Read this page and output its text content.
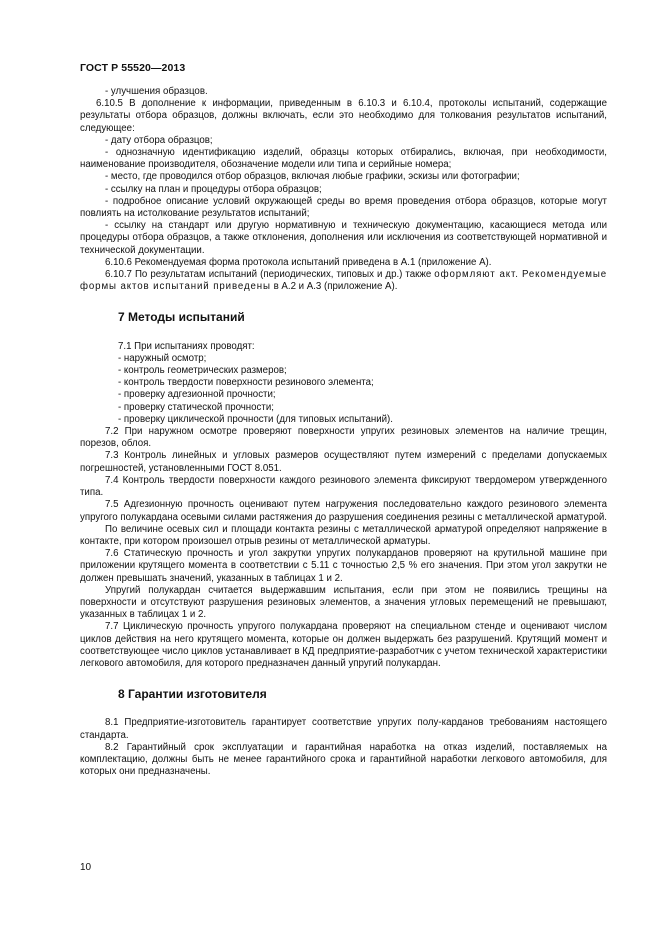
ГОСТ Р 55520—2013

- улучшения образцов.

6.10.5 В дополнение к информации, приведенным в 6.10.3 и 6.10.4, протоколы испытаний, содержащие результаты отбора образцов, должны включать, если это необходимо для толкования результатов испытаний, следующее:

- дату отбора образцов;

- однозначную идентификацию изделий, образцы которых отбирались, включая, при необходимости, наименование производителя, обозначение модели или типа и серийные номера;

- место, где проводился отбор образцов, включая любые графики, эскизы или фотографии;

- ссылку на план и процедуры отбора образцов;

- подробное описание условий окружающей среды во время проведения отбора образцов, которые могут повлиять на истолкование результатов испытаний;

- ссылку на стандарт или другую нормативную и техническую документацию, касающиеся метода или процедуры отбора образцов, а также отклонения, дополнения или исключения из соответствующей нормативной и технической документации.

6.10.6 Рекомендуемая форма протокола испытаний приведена в А.1 (приложение А).

6.10.7 По результатам испытаний (периодических, типовых и др.) также оформляют акт. Рекомендуемые формы актов испытаний приведены в А.2 и А.3 (приложение А).

7 Методы испытаний
7.1 При испытаниях проводят:
- наружный осмотр;
- контроль геометрических размеров;
- контроль твердости поверхности резинового элемента;
- проверку адгезионной прочности;
- проверку статической прочности;
- проверку циклической прочности (для типовых испытаний).

7.2 При наружном осмотре проверяют поверхности упругих резиновых элементов на наличие трещин, порезов, облоя.

7.3 Контроль линейных и угловых размеров осуществляют путем измерений с пределами допускаемых погрешностей, установленными ГОСТ 8.051.

7.4 Контроль твердости поверхности каждого резинового элемента фиксируют твердомером утвержденного типа.

7.5 Адгезионную прочность оценивают путем нагружения последовательно каждого резинового элемента упругого полукардана осевыми силами растяжения до разрушения соединения резины с металлической арматурой.

По величине осевых сил и площади контакта резины с металлической арматурой определяют напряжение в контакте, при котором произошел отрыв резины от металлической арматуры.

7.6 Статическую прочность и угол закрутки упругих полукарданов проверяют на крутильной машине при приложении крутящего момента в соответствии с 5.11 с точностью 2,5 % его значения. При этом угол закрутки не должен превышать значений, указанных в таблицах 1 и 2.

Упругий полукардан считается выдержавшим испытания, если при этом не появились трещины на поверхности и отсутствуют разрушения резиновых элементов, а значения угловых перемещений не превышают, указанных в таблицах 1 и 2.

7.7 Циклическую прочность упругого полукардана проверяют на специальном стенде и оценивают числом циклов действия на него крутящего момента, которые он должен выдержать без разрушений. Крутящий момент и соответствующее число циклов устанавливает в КД предприятие-разработчик с учетом технической характеристики легкового автомобиля, для которого предназначен данный упругий полукардан.

8 Гарантии изготовителя

8.1 Предприятие-изготовитель гарантирует соответствие упругих полу-карданов требованиям настоящего стандарта.

8.2 Гарантийный срок эксплуатации и гарантийная наработка на отказ изделий, поставляемых на комплектацию, должны быть не менее гарантийного срока и гарантийной наработки легкового автомобиля, для которых они предназначены.

10
